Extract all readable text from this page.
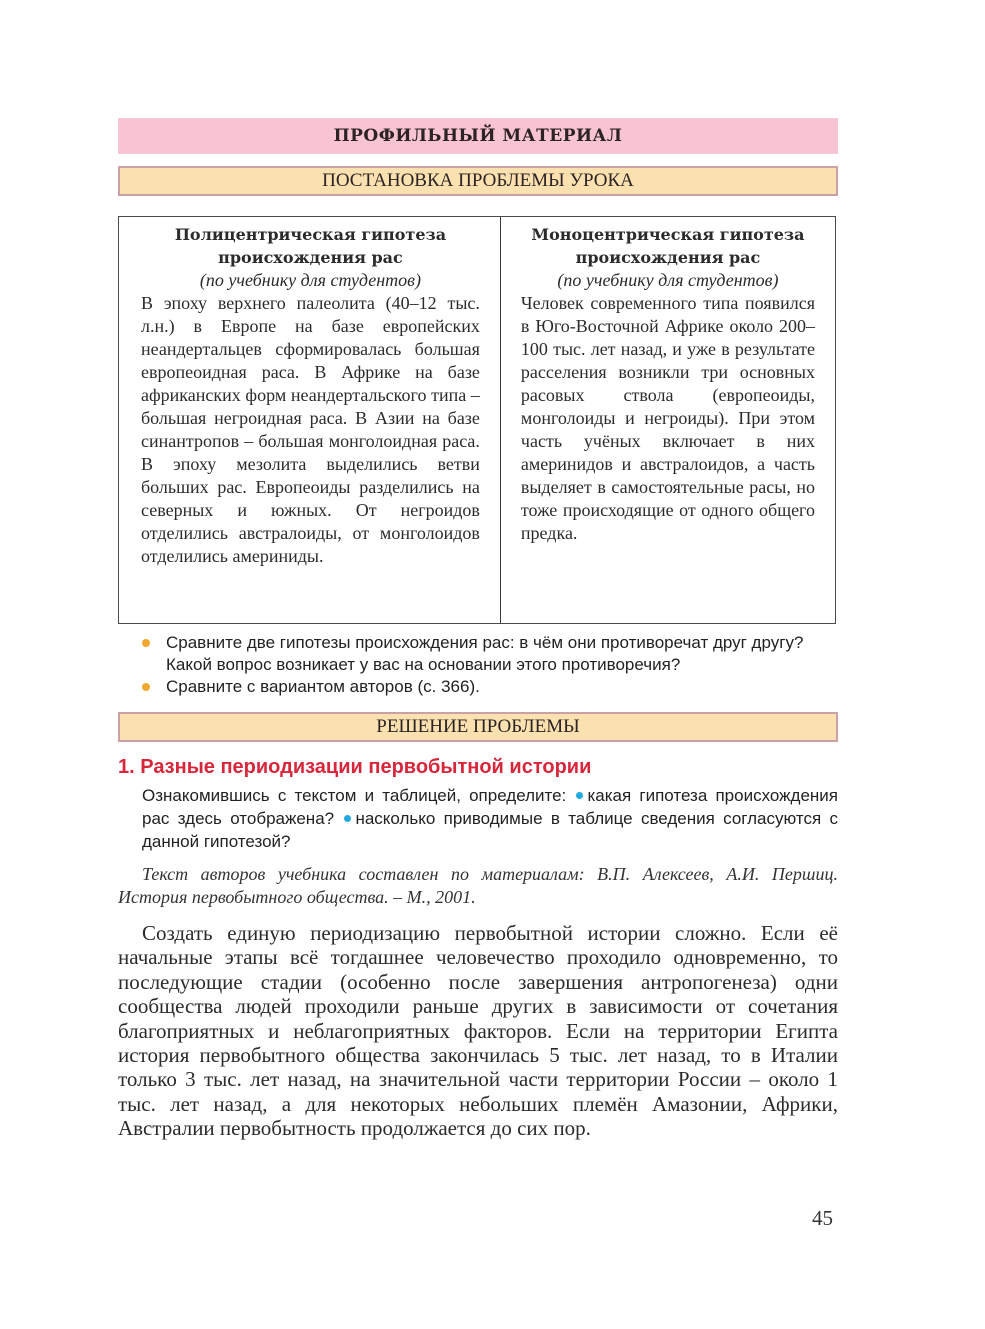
ПРОФИЛЬНЫЙ МАТЕРИАЛ
ПОСТАНОВКА ПРОБЛЕМЫ УРОКА
Полицентрическая гипотеза происхождения рас
(по учебнику для студентов)
В эпоху верхнего палеолита (40–12 тыс. л.н.) в Европе на базе европейских неандертальцев сформировалась большая европеоидная раса. В Африке на базе африканских форм неандертальского типа – большая негроидная раса. В Азии на базе синантропов – большая монголоидная раса. В эпоху мезолита выделились ветви больших рас. Европеоиды разделились на северных и южных. От негроидов отделились австралоиды, от монголоидов отделились америниды.
Моноцентрическая гипотеза происхождения рас
(по учебнику для студентов)
Человек современного типа появился в Юго-Восточной Африке около 200–100 тыс. лет назад, и уже в результате расселения возникли три основных расовых ствола (европеоиды, монголоиды и негроиды). При этом часть учёных включает в них америнидов и австралоидов, а часть выделяет в самостоятельные расы, но тоже происходящие от одного общего предка.
Сравните две гипотезы происхождения рас: в чём они противоречат друг другу? Какой вопрос возникает у вас на основании этого противоречия?
Сравните с вариантом авторов (с. 366).
РЕШЕНИЕ ПРОБЛЕМЫ
1. Разные периодизации первобытной истории
Ознакомившись с текстом и таблицей, определите: какая гипотеза происхождения рас здесь отображена? насколько приводимые в таблице сведения согласуются с данной гипотезой?
Текст авторов учебника составлен по материалам: В.П. Алексеев, А.И. Першиц. История первобытного общества. – М., 2001.
Создать единую периодизацию первобытной истории сложно. Если её начальные этапы всё тогдашнее человечество проходило одновременно, то последующие стадии (особенно после завершения антропогенеза) одни сообщества людей проходили раньше других в зависимости от сочетания благоприятных и неблагоприятных факторов. Если на территории Египта история первобытного общества закончилась 5 тыс. лет назад, то в Италии только 3 тыс. лет назад, на значительной части территории России – около 1 тыс. лет назад, а для некоторых небольших племён Амазонии, Африки, Австралии первобытность продолжается до сих пор.
45
